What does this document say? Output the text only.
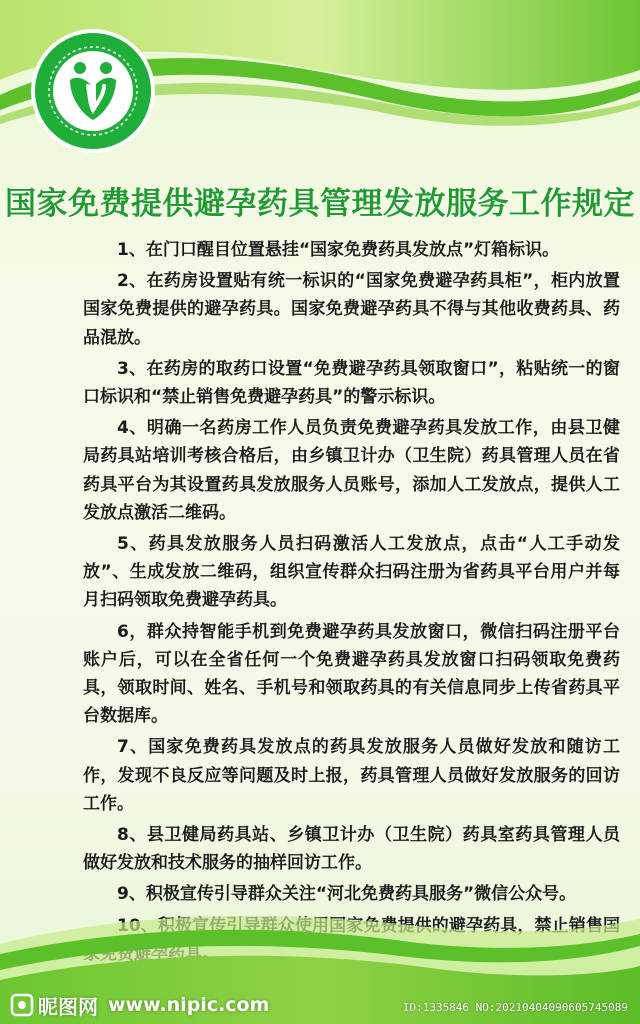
国家免费提供避孕药具管理发放服务工作规定

1、在门口醒目位置悬挂“国家免费药具发放点”灯箱标识。

2、在药房设置贴有统一标识的“国家免费避孕药具柜”，柜内放置国家免费提供的避孕药具。国家免费避孕药具不得与其他收费药具、药品混放。

3、在药房的取药口设置“免费避孕药具领取窗口”，粘贴统一的窗口标识和“禁止销售免费避孕药具”的警示标识。

4、明确一名药房工作人员负责免费避孕药具发放工作，由县卫健局药具站培训考核合格后，由乡镇卫计办（卫生院）药具管理人员在省药具平台为其设置药具发放服务人员账号，添加人工发放点，提供人工发放点激活二维码。

5、药具发放服务人员扫码激活人工发放点，点击“人工手动发放”、生成发放二维码，组织宣传群众扫码注册为省药具平台用户并每月扫码领取免费避孕药具。

6，群众持智能手机到免费避孕药具发放窗口，微信扫码注册平台账户后，可以在全省任何一个免费避孕药具发放窗口扫码领取免费药具，领取时间、姓名、手机号和领取药具的有关信息同步上传省药具平台数据库。

7、国家免费药具发放点的药具发放服务人员做好发放和随访工作，发现不良反应等问题及时上报，药具管理人员做好发放服务的回访工作。

8、县卫健局药具站、乡镇卫计办（卫生院）药具室药具管理人员做好发放和技术服务的抽样回访工作。

9、积极宣传引导群众关注“河北免费药具服务”微信公众号。

昵图网 www.nipic.com	ID:1335846 NO:20210404090605745089
